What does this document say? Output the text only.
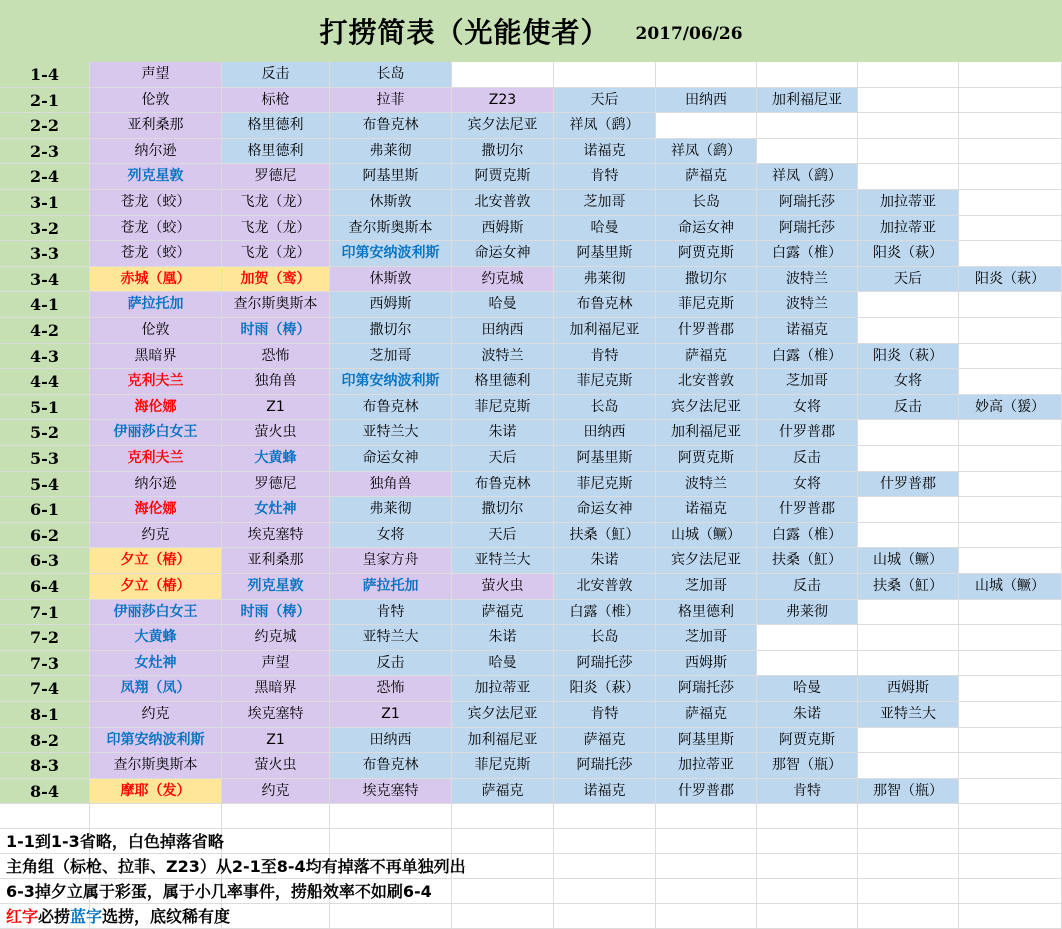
打捞简表（光能使者） 2017/06/26
1-4	声望	反击	长岛
2-1	伦敦	标枪	拉菲	Z23	天后	田纳西	加利福尼亚
2-2	亚利桑那	格里德利	布鲁克林	宾夕法尼亚	祥凤（鹞）
2-3	纳尔逊	格里德利	弗莱彻	撒切尔	诺福克	祥凤（鹞）
2-4	列克星敦	罗德尼	阿基里斯	阿贾克斯	肯特	萨福克	祥凤（鹞）
3-1	苍龙（蛟）	飞龙（龙）	休斯敦	北安普敦	芝加哥	长岛	阿瑞托莎	加拉蒂亚
3-2	苍龙（蛟）	飞龙（龙）	查尔斯奥斯本	西姆斯	哈曼	命运女神	阿瑞托莎	加拉蒂亚
3-3	苍龙（蛟）	飞龙（龙）	印第安纳波利斯	命运女神	阿基里斯	阿贾克斯	白露（椎）	阳炎（萩）
3-4	赤城（凰）	加贺（鸾）	休斯敦	约克城	弗莱彻	撒切尔	波特兰	天后	阳炎（萩）
4-1	萨拉托加	查尔斯奥斯本	西姆斯	哈曼	布鲁克林	菲尼克斯	波特兰
4-2	伦敦	时雨（梼）	撒切尔	田纳西	加利福尼亚	什罗普郡	诺福克
4-3	黑暗界	恐怖	芝加哥	波特兰	肯特	萨福克	白露（椎）	阳炎（萩）
4-4	克利夫兰	独角兽	印第安纳波利斯	格里德利	菲尼克斯	北安普敦	芝加哥	女将
5-1	海伦娜	Z1	布鲁克林	菲尼克斯	长岛	宾夕法尼亚	女将	反击	妙高（猨）
5-2	伊丽莎白女王	萤火虫	亚特兰大	朱诺	田纳西	加利福尼亚	什罗普郡
5-3	克利夫兰	大黄蜂	命运女神	天后	阿基里斯	阿贾克斯	反击
5-4	纳尔逊	罗德尼	独角兽	布鲁克林	菲尼克斯	波特兰	女将	什罗普郡
6-1	海伦娜	女灶神	弗莱彻	撒切尔	命运女神	诺福克	什罗普郡
6-2	约克	埃克塞特	女将	天后	扶桑（魟）	山城（鳜）	白露（椎）
6-3	夕立（椿）	亚利桑那	皇家方舟	亚特兰大	朱诺	宾夕法尼亚	扶桑（魟）	山城（鳜）
6-4	夕立（椿）	列克星敦	萨拉托加	萤火虫	北安普敦	芝加哥	反击	扶桑（魟）	山城（鳜）
7-1	伊丽莎白女王	时雨（梼）	肯特	萨福克	白露（椎）	格里德利	弗莱彻
7-2	大黄蜂	约克城	亚特兰大	朱诺	长岛	芝加哥
7-3	女灶神	声望	反击	哈曼	阿瑞托莎	西姆斯
7-4	凤翔（凤）	黑暗界	恐怖	加拉蒂亚	阳炎（萩）	阿瑞托莎	哈曼	西姆斯
8-1	约克	埃克塞特	Z1	宾夕法尼亚	肯特	萨福克	朱诺	亚特兰大
8-2	印第安纳波利斯	Z1	田纳西	加利福尼亚	萨福克	阿基里斯	阿贾克斯
8-3	查尔斯奥斯本	萤火虫	布鲁克林	菲尼克斯	阿瑞托莎	加拉蒂亚	那智（瓶）
8-4	摩耶（发）	约克	埃克塞特	萨福克	诺福克	什罗普郡	肯特	那智（瓶）
1-1到1-3省略，白色掉落省略
主角组（标枪、拉菲、Z23）从2-1至8-4均有掉落不再单独列出
6-3掉夕立属于彩蛋，属于小几率事件，捞船效率不如刷6-4
红字必捞蓝字选捞，底纹稀有度
